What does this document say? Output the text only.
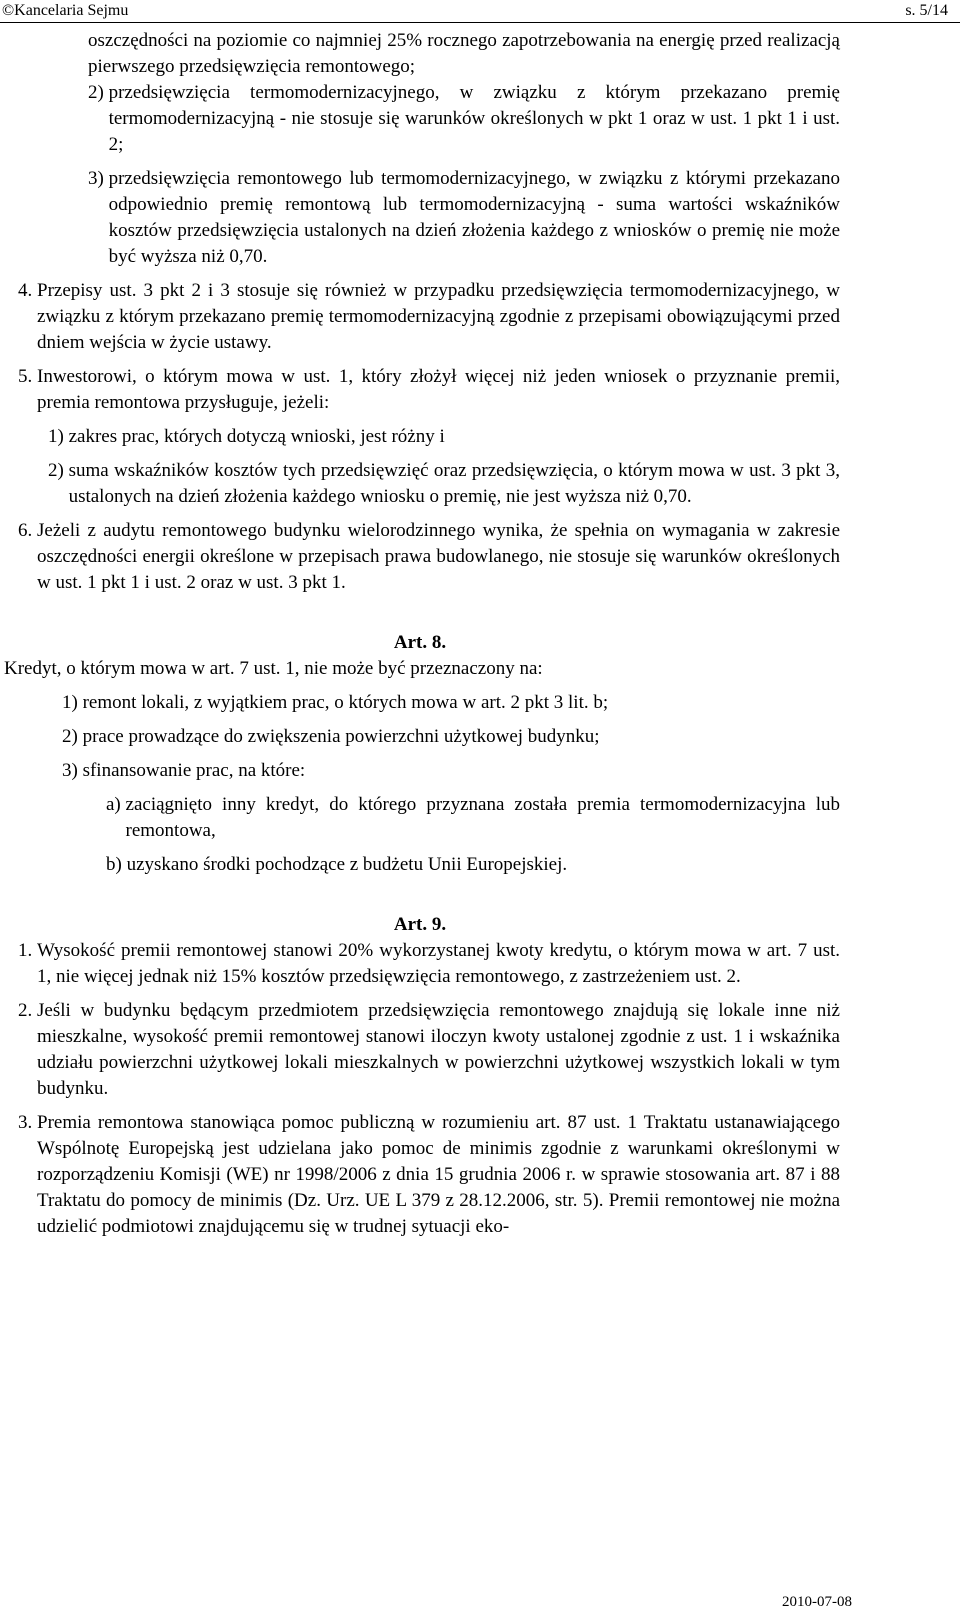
©Kancelaria Sejmu	s. 5/14

oszczędności na poziomie co najmniej 25% rocznego zapotrzebowania na energię przed realizacją pierwszego przedsięwzięcia remontowego;

2) przedsięwzięcia termomodernizacyjnego, w związku z którym przekazano premię termomodernizacyjną - nie stosuje się warunków określonych w pkt 1 oraz w ust. 1 pkt 1 i ust. 2;
3) przedsięwzięcia remontowego lub termomodernizacyjnego, w związku z którymi przekazano odpowiednio premię remontową lub termomodernizacyjną - suma wartości wskaźników kosztów przedsięwzięcia ustalonych na dzień złożenia każdego z wniosków o premię nie może być wyższa niż 0,70.
4. Przepisy ust. 3 pkt 2 i 3 stosuje się również w przypadku przedsięwzięcia termomodernizacyjnego, w związku z którym przekazano premię termomodernizacyjną zgodnie z przepisami obowiązującymi przed dniem wejścia w życie ustawy.
5. Inwestorowi, o którym mowa w ust. 1, który złożył więcej niż jeden wniosek o przyznanie premii, premia remontowa przysługuje, jeżeli:
1) zakres prac, których dotyczą wnioski, jest różny i
2) suma wskaźników kosztów tych przedsięwzięć oraz przedsięwzięcia, o którym mowa w ust. 3 pkt 3, ustalonych na dzień złożenia każdego wniosku o premię, nie jest wyższa niż 0,70.
6. Jeżeli z audytu remontowego budynku wielorodzinnego wynika, że spełnia on wymagania w zakresie oszczędności energii określone w przepisach prawa budowlanego, nie stosuje się warunków określonych w ust. 1 pkt 1 i ust. 2 oraz w ust. 3 pkt 1.

Art. 8.

Kredyt, o którym mowa w art. 7 ust. 1, nie może być przeznaczony na:

1) remont lokali, z wyjątkiem prac, o których mowa w art. 2 pkt 3 lit. b;
2) prace prowadzące do zwiększenia powierzchni użytkowej budynku;
3) sfinansowanie prac, na które:
a) zaciągnięto inny kredyt, do którego przyznana została premia termomodernizacyjna lub remontowa,
b) uzyskano środki pochodzące z budżetu Unii Europejskiej.

Art. 9.

1. Wysokość premii remontowej stanowi 20% wykorzystanej kwoty kredytu, o którym mowa w art. 7 ust. 1, nie więcej jednak niż 15% kosztów przedsięwzięcia remontowego, z zastrzeżeniem ust. 2.
2. Jeśli w budynku będącym przedmiotem przedsięwzięcia remontowego znajdują się lokale inne niż mieszkalne, wysokość premii remontowej stanowi iloczyn kwoty ustalonej zgodnie z ust. 1 i wskaźnika udziału powierzchni użytkowej lokali mieszkalnych w powierzchni użytkowej wszystkich lokali w tym budynku.
3. Premia remontowa stanowiąca pomoc publiczną w rozumieniu art. 87 ust. 1 Traktatu ustanawiającego Wspólnotę Europejską jest udzielana jako pomoc de minimis zgodnie z warunkami określonymi w rozporządzeniu Komisji (WE) nr 1998/2006 z dnia 15 grudnia 2006 r. w sprawie stosowania art. 87 i 88 Traktatu do pomocy de minimis (Dz. Urz. UE L 379 z 28.12.2006, str. 5). Premii remontowej nie można udzielić podmiotowi znajdującemu się w trudnej sytuacji eko-
2010-07-08
